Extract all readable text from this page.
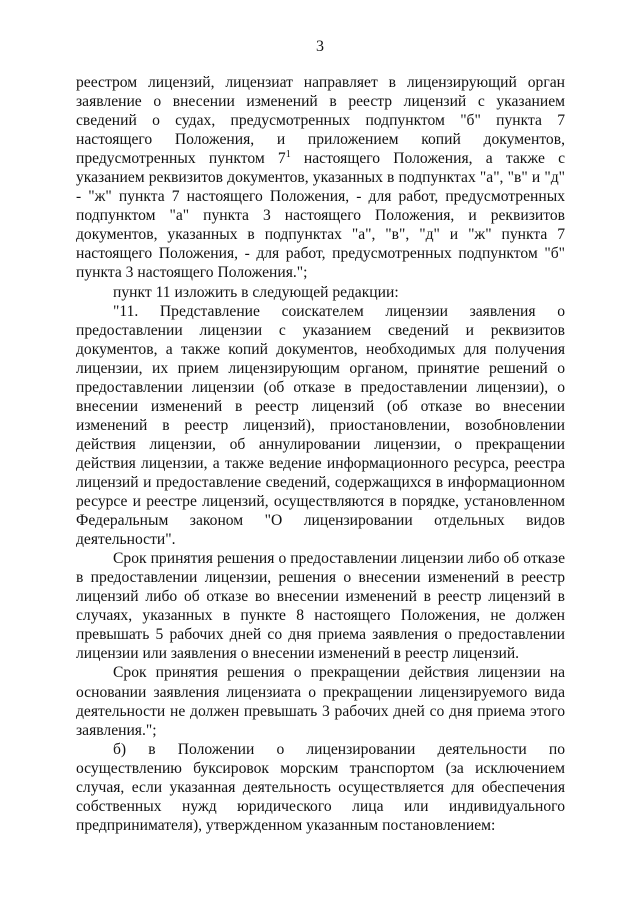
3

реестром лицензий, лицензиат направляет в лицензирующий орган заявление о внесении изменений в реестр лицензий с указанием сведений о судах, предусмотренных подпунктом "б" пункта 7 настоящего Положения, и приложением копий документов, предусмотренных пунктом $7^1$ настоящего Положения, а также с указанием реквизитов документов, указанных в подпунктах "а", "в" и "д" - "ж" пункта 7 настоящего Положения, - для работ, предусмотренных подпунктом "а" пункта 3 настоящего Положения, и реквизитов документов, указанных в подпунктах "а", "в", "д" и "ж" пункта 7 настоящего Положения, - для работ, предусмотренных подпунктом "б" пункта 3 настоящего Положения.";

пункт 11 изложить в следующей редакции:

"11. Представление соискателем лицензии заявления о предоставлении лицензии с указанием сведений и реквизитов документов, а также копий документов, необходимых для получения лицензии, их прием лицензирующим органом, принятие решений о предоставлении лицензии (об отказе в предоставлении лицензии), о внесении изменений в реестр лицензий (об отказе во внесении изменений в реестр лицензий), приостановлении, возобновлении действия лицензии, об аннулировании лицензии, о прекращении действия лицензии, а также ведение информационного ресурса, реестра лицензий и предоставление сведений, содержащихся в информационном ресурсе и реестре лицензий, осуществляются в порядке, установленном Федеральным законом "О лицензировании отдельных видов деятельности".

Срок принятия решения о предоставлении лицензии либо об отказе в предоставлении лицензии, решения о внесении изменений в реестр лицензий либо об отказе во внесении изменений в реестр лицензий в случаях, указанных в пункте 8 настоящего Положения, не должен превышать 5 рабочих дней со дня приема заявления о предоставлении лицензии или заявления о внесении изменений в реестр лицензий.

Срок принятия решения о прекращении действия лицензии на основании заявления лицензиата о прекращении лицензируемого вида деятельности не должен превышать 3 рабочих дней со дня приема этого заявления.";

б) в Положении о лицензировании деятельности по осуществлению буксировок морским транспортом (за исключением случая, если указанная деятельность осуществляется для обеспечения собственных нужд юридического лица или индивидуального предпринимателя), утвержденном указанным постановлением:
